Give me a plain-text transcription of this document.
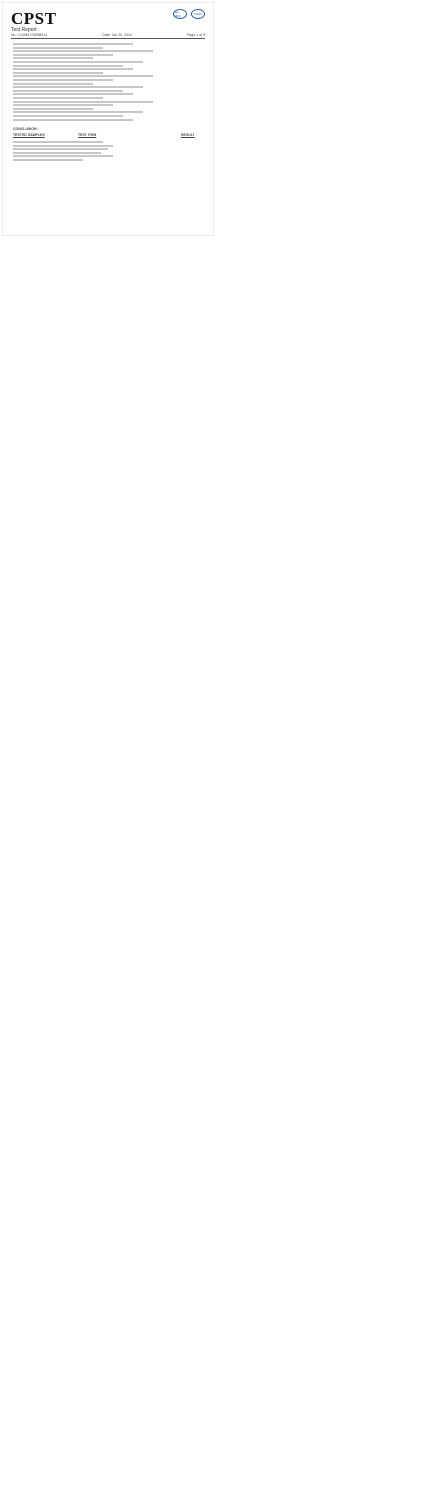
CPST
Test Report
ilac-MRA	CNAS
No. C14061700298914	Date: Jun 20, 2014	Page 1 of 9
CONCLUSION :
TESTED SAMPLES	TEST ITEM	RESULT
